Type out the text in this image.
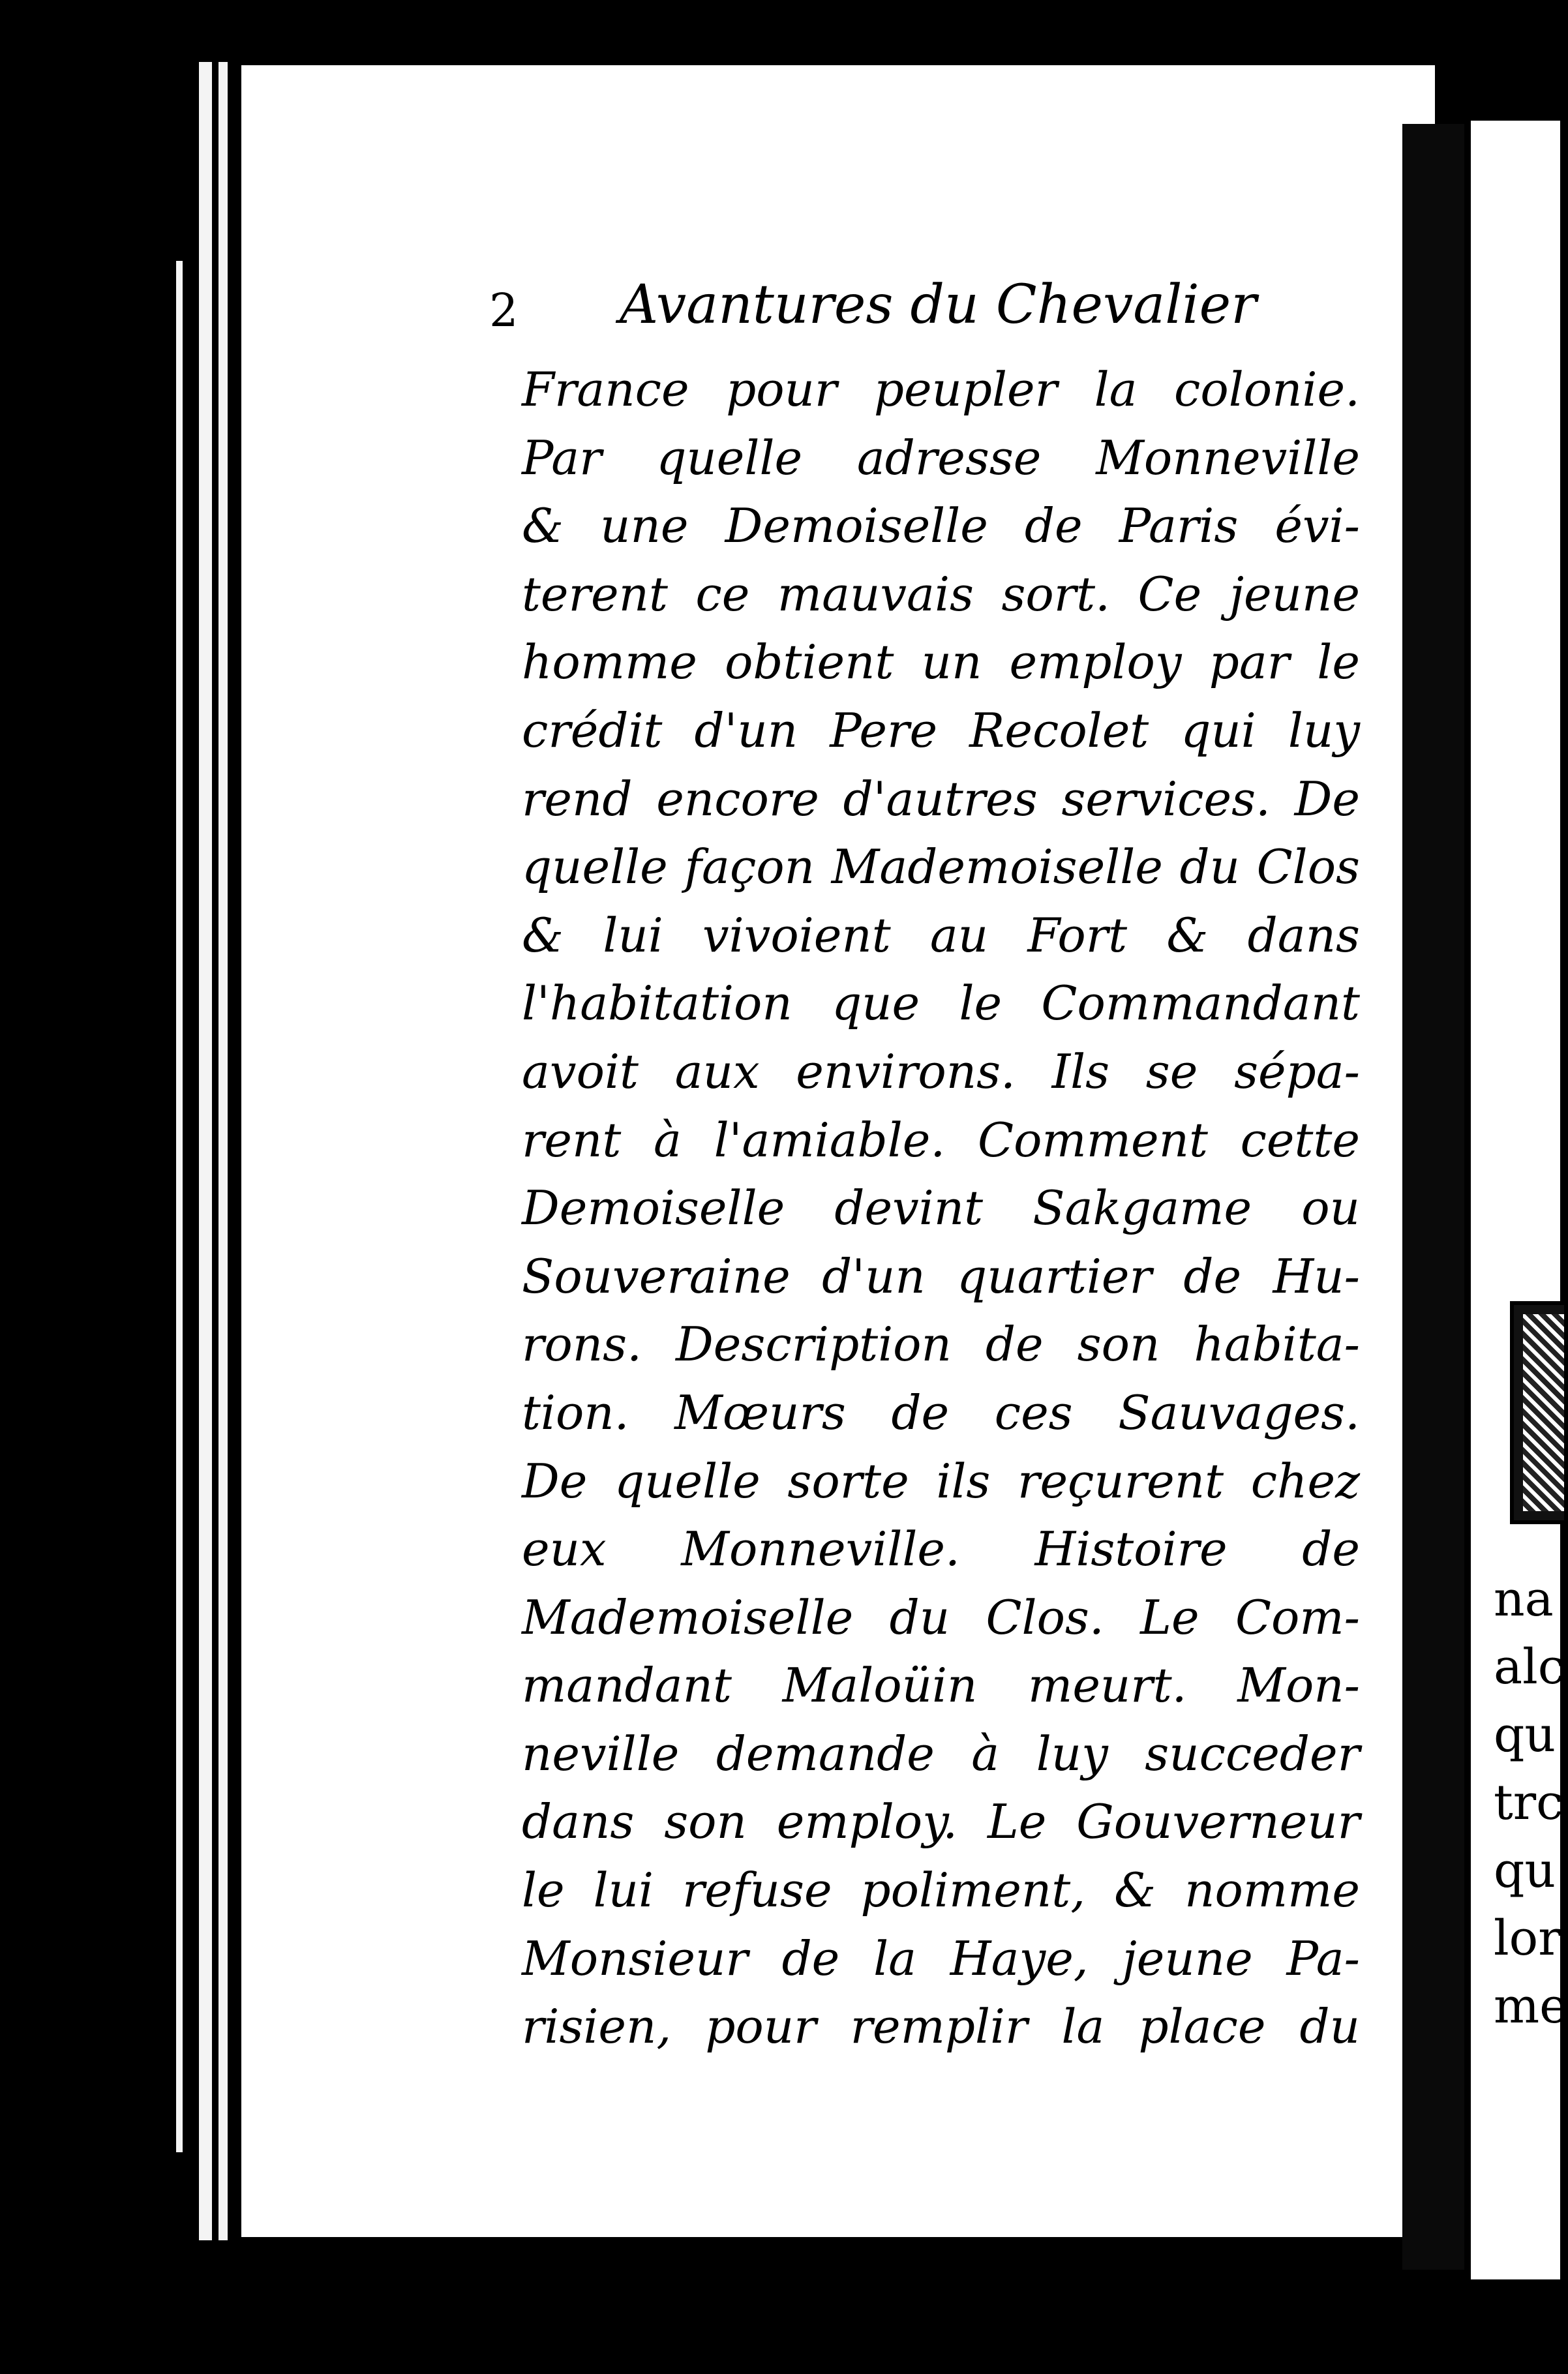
2 Avantures du Chevalier
France pour peupler la colonie.
Par quelle adresse Monneville
& une Demoiselle de Paris évi-
terent ce mauvais sort. Ce jeune
homme obtient un employ par le
crédit d'un Pere Recolet qui luy
rend encore d'autres services. De
quelle façon Mademoiselle du Clos
& lui vivoient au Fort & dans
l'habitation que le Commandant
avoit aux environs. Ils se sépa-
rent à l'amiable. Comment cette
Demoiselle devint Sakgame ou
Souveraine d'un quartier de Hu-
rons. Description de son habita-
tion. Mœurs de ces Sauvages.
De quelle sorte ils reçurent chez
eux Monneville. Histoire de
Mademoiselle du Clos. Le Com-
mandant Maloüin meurt. Mon-
neville demande à luy succeder
dans son employ. Le Gouverneur
le lui refuse poliment, & nomme
Monsieur de la Haye, jeune Pa-
risien, pour remplir la place du
na
alc
qu
trc
qu
lor
me
